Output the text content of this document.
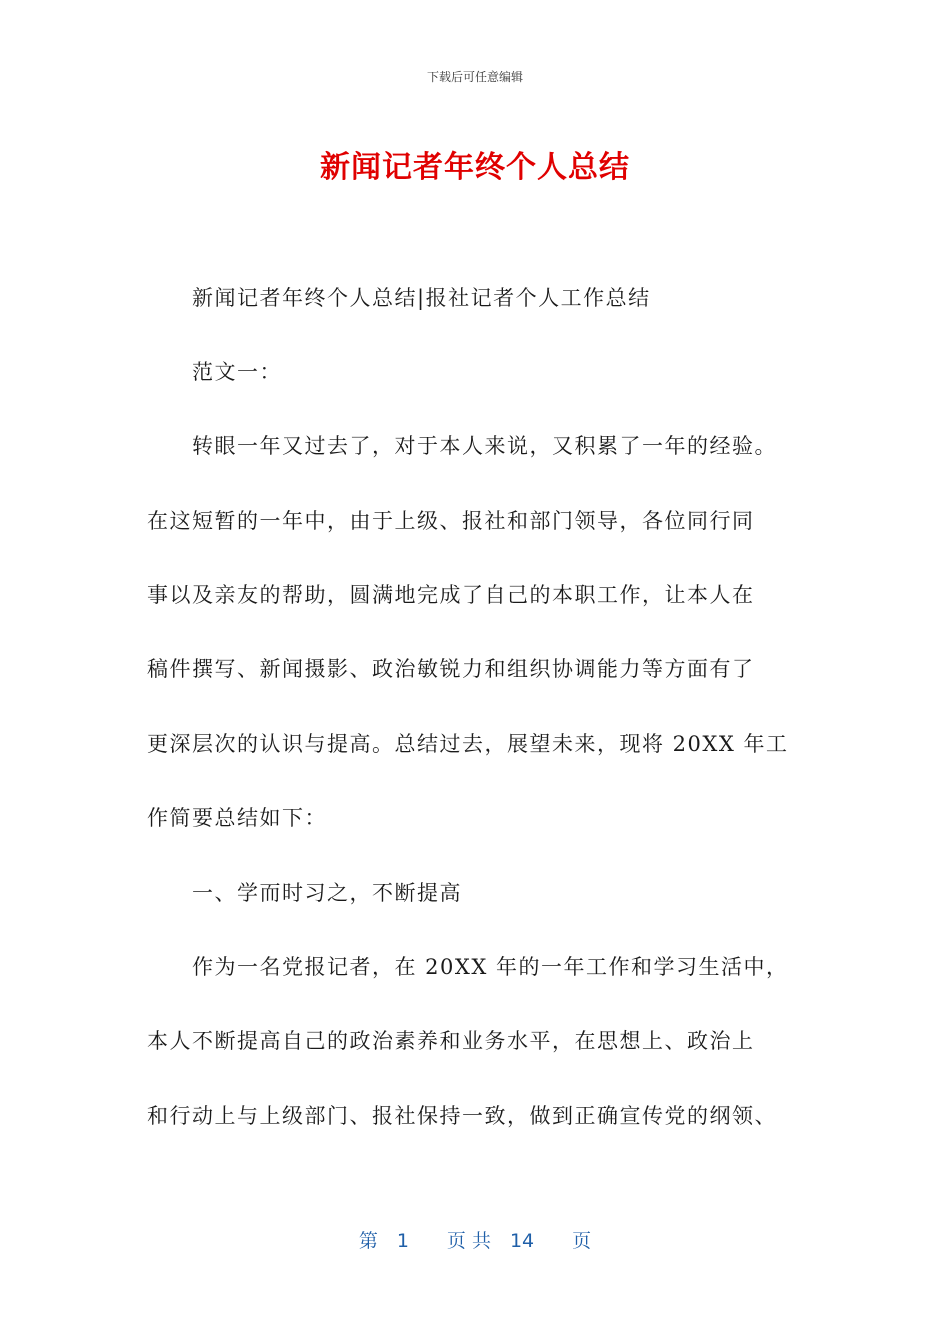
下载后可任意编辑
新闻记者年终个人总结
　　新闻记者年终个人总结|报社记者个人工作总结
　　范文一：
　　转眼一年又过去了，对于本人来说，又积累了一年的经验。
在这短暂的一年中，由于上级、报社和部门领导，各位同行同
事以及亲友的帮助，圆满地完成了自己的本职工作，让本人在
稿件撰写、新闻摄影、政治敏锐力和组织协调能力等方面有了
更深层次的认识与提高。总结过去，展望未来，现将 20XX 年工
作简要总结如下：
　　一、学而时习之，不断提高
　　作为一名党报记者，在 20XX 年的一年工作和学习生活中，
本人不断提高自己的政治素养和业务水平，在思想上、政治上
和行动上与上级部门、报社保持一致，做到正确宣传党的纲领、
第　1　　页 共　14　　页
